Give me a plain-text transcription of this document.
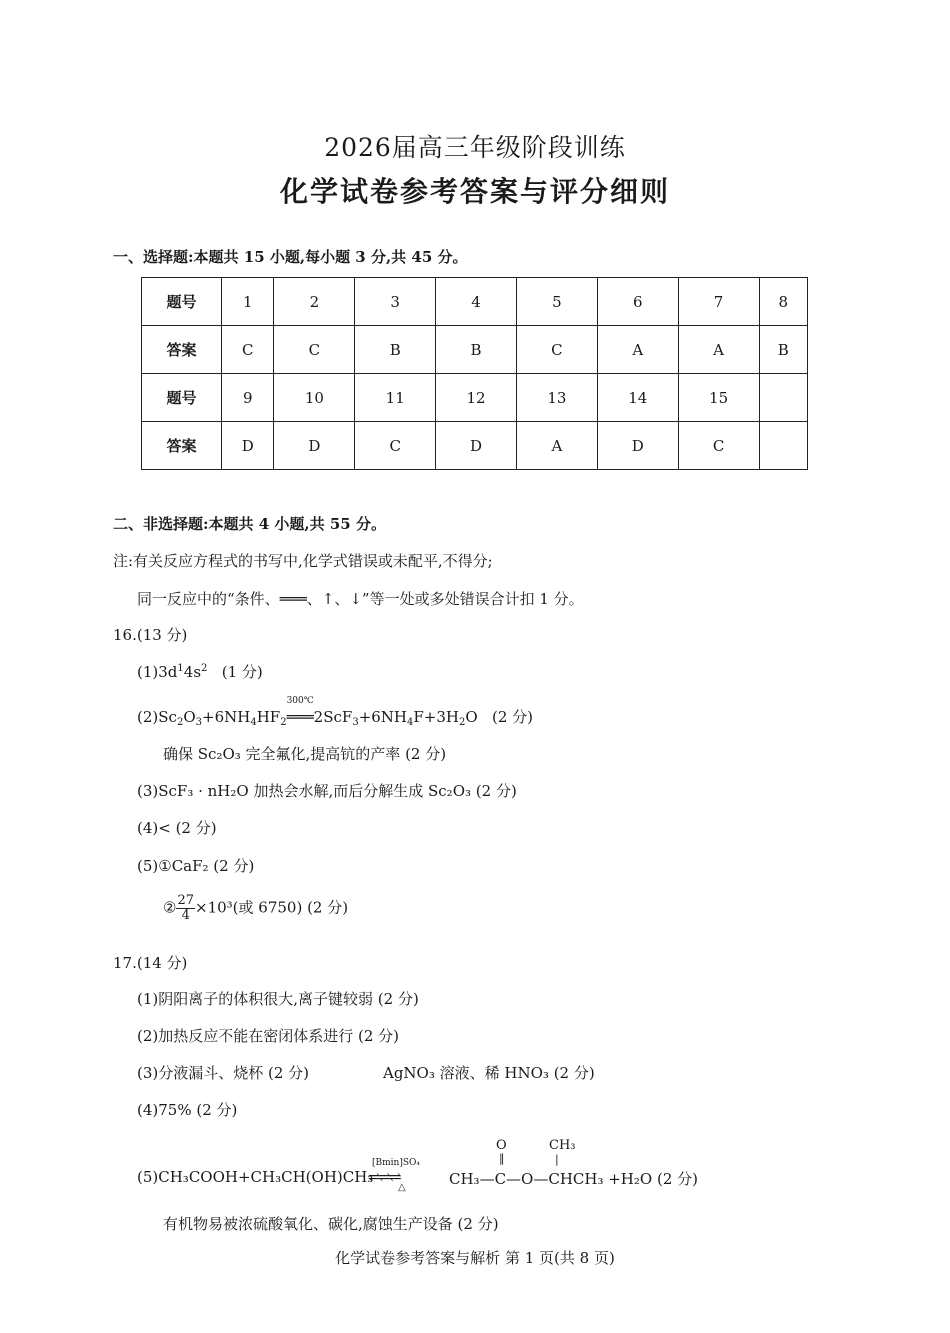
2026届高三年级阶段训练
化学试卷参考答案与评分细则
一、选择题:本题共 15 小题,每小题 3 分,共 45 分。
题号	1	2	3	4	5	6	7	8
答案	C	C	B	B	C	A	A	B
题号	9	10	11	12	13	14	15	
答案	D	D	C	D	A	D	C	
二、非选择题:本题共 4 小题,共 55 分。
注:有关反应方程式的书写中,化学式错误或未配平,不得分;
同一反应中的“条件、═══、↑、↓”等一处或多处错误合计扣 1 分。
16.(13 分)
$(1)3d^14s^2$ (1 分)
$(2)Sc_2O_3+6NH_4HF_2$
300℃
$═══2ScF_3+6NH_4F+3H_2O$   (2 分)
确保 Sc₂O₃ 完全氟化,提高钪的产率 (2 分)
(3)ScF₃ · nH₂O 加热会水解,而后分解生成 Sc₂O₃ (2 分)
(4)< (2 分)
(5)①CaF₂ (2 分)
② $\frac{27}{4} \times 10^3$(或 6750) (2 分)
17.(14 分)
(1)阴阳离子的体积很大,离子键较弱 (2 分)
(2)加热反应不能在密闭体系进行 (2 分)
(3)分液漏斗、烧杯 (2 分)	AgNO₃ 溶液、稀 HNO₃ (2 分)
(4)75% (2 分)
O
‖
CH₃
|
(5)CH₃COOH+CH₃CH(OH)CH₃
[Bmin]SO₄
⇌⇌⇌
△	CH₃—C—O—CHCH₃ +H₂O (2 分)
有机物易被浓硫酸氧化、碳化,腐蚀生产设备 (2 分)
化学试卷参考答案与解析 第 1 页(共 8 页)
